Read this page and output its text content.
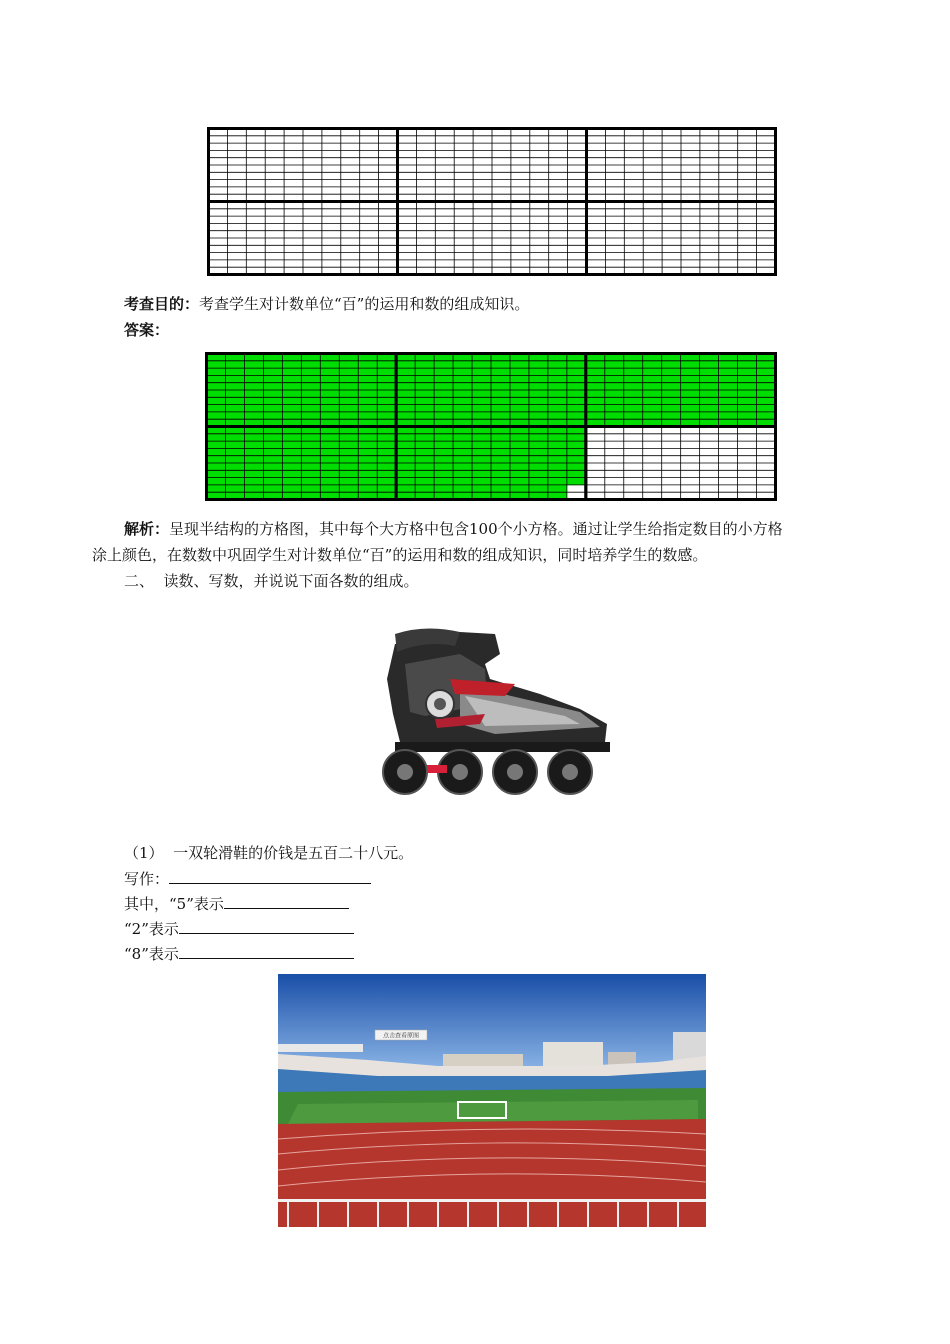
考查目的：考查学生对计数单位“百”的运用和数的组成知识。
答案：
解析：呈现半结构的方格图，其中每个大方格中包含100个小方格。通过让学生给指定数目的小方格
涂上颜色，在数数中巩固学生对计数单位“百”的运用和数的组成知识，同时培养学生的数感。
二、  读数、写数，并说说下面各数的组成。
（1）  一双轮滑鞋的价钱是五百二十八元。
写作：
其中，“5”表示
“2”表示
“8”表示
点击查看原图
